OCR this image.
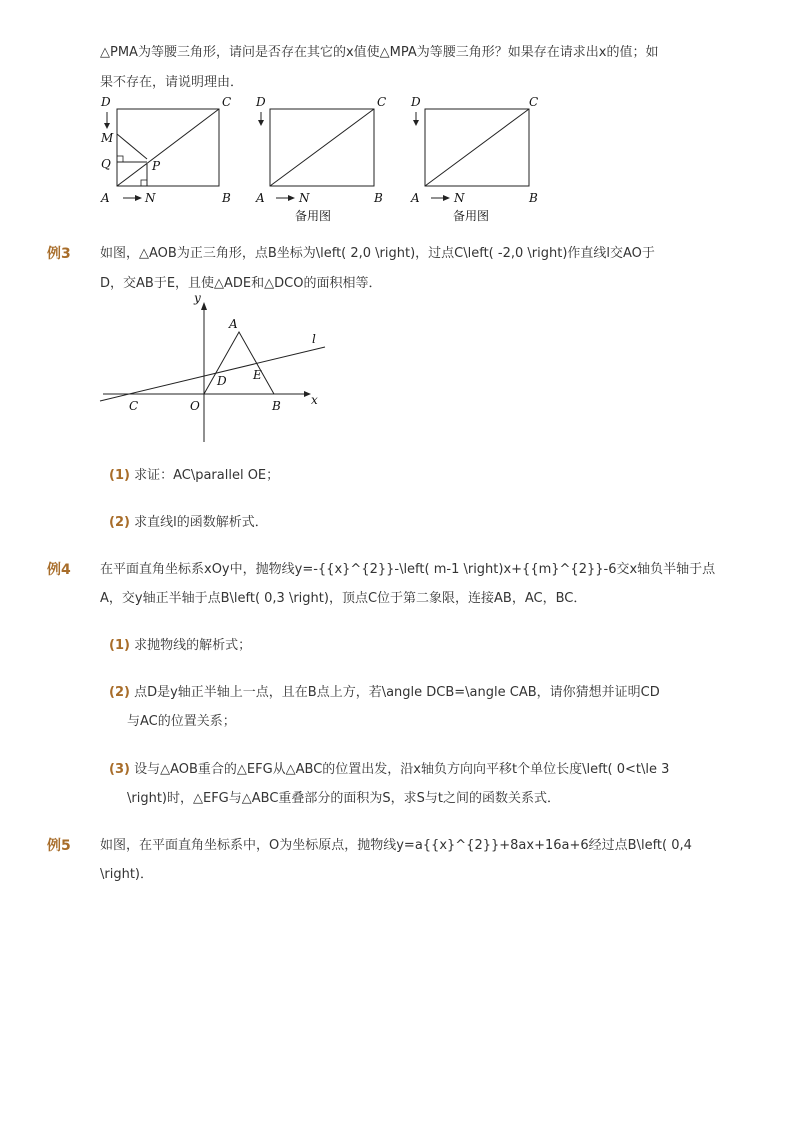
△PMA为等腰三角形，请问是否存在其它的x值使△MPA为等腰三角形？如果存在请求出x的值；如
果不存在，请说明理由．
D	C
M
Q	P
A	N	B
D	C
A	N	B
备用图
D	C
A	N	B
备用图
例3 如图，△AOB为正三角形，点B坐标为\left( 2,0 \right)，过点C\left( -2,0 \right)作直线l交AO于
D，交AB于E，且使△ADE和△DCO的面积相等．
y
x
A
l
D E
C	O	B
(1) 求证：AC\parallel OE；
(2) 求直线l的函数解析式．
例4 在平面直角坐标系xOy中，抛物线y=-{{x}^{2}}-\left( m-1 \right)x+{{m}^{2}}-6交x轴负半轴于点
A，交y轴正半轴于点B\left( 0,3 \right)，顶点C位于第二象限，连接AB，AC，BC．
(1) 求抛物线的解析式；
(2) 点D是y轴正半轴上一点，且在B点上方，若\angle DCB=\angle CAB，请你猜想并证明CD
与AC的位置关系；
(3) 设与△AOB重合的△EFG从△ABC的位置出发，沿x轴负方向向平移t个单位长度\left( 0<t\le 3
\right)时，△EFG与△ABC重叠部分的面积为S，求S与t之间的函数关系式．
例5 如图，在平面直角坐标系中，O为坐标原点，抛物线y=a{{x}^{2}}+8ax+16a+6经过点B\left( 0,4
\right)．
